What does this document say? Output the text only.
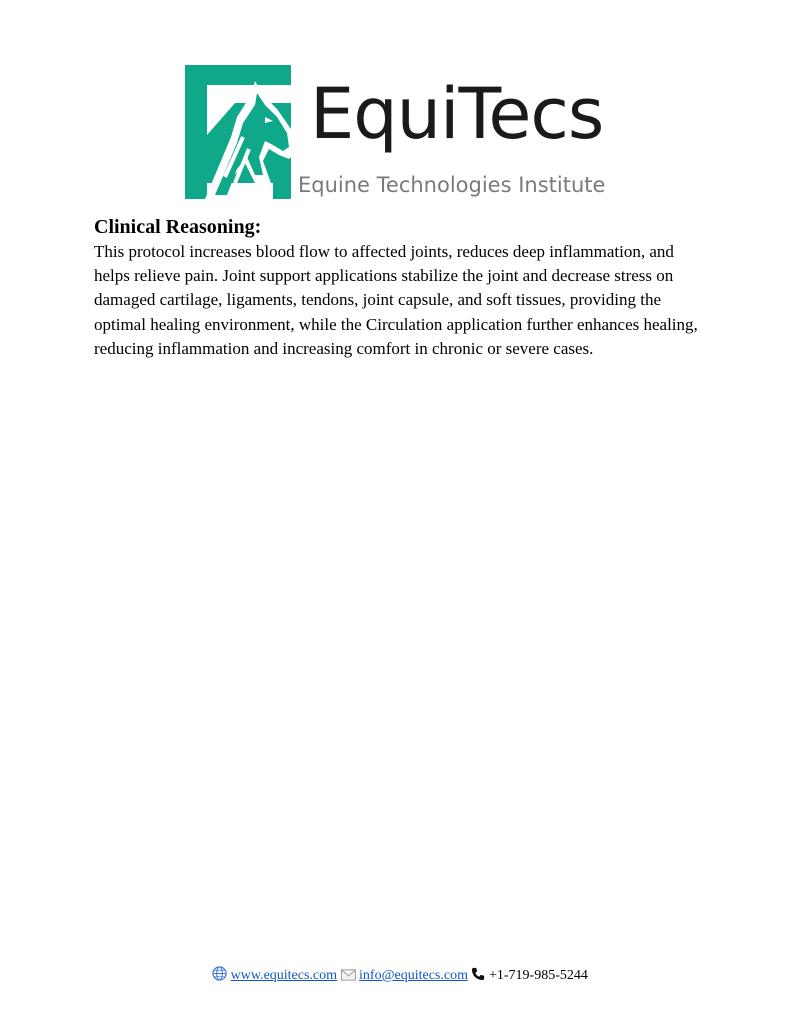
EquiTecs
Equine Technologies Institute
Clinical Reasoning:

This protocol increases blood flow to affected joints, reduces deep inflammation, and helps relieve pain. Joint support applications stabilize the joint and decrease stress on damaged cartilage, ligaments, tendons, joint capsule, and soft tissues, providing the optimal healing environment, while the Circulation application further enhances healing, reducing inflammation and increasing comfort in chronic or severe cases.

www.equitecs.com info@equitecs.com +1-719-985-5244
